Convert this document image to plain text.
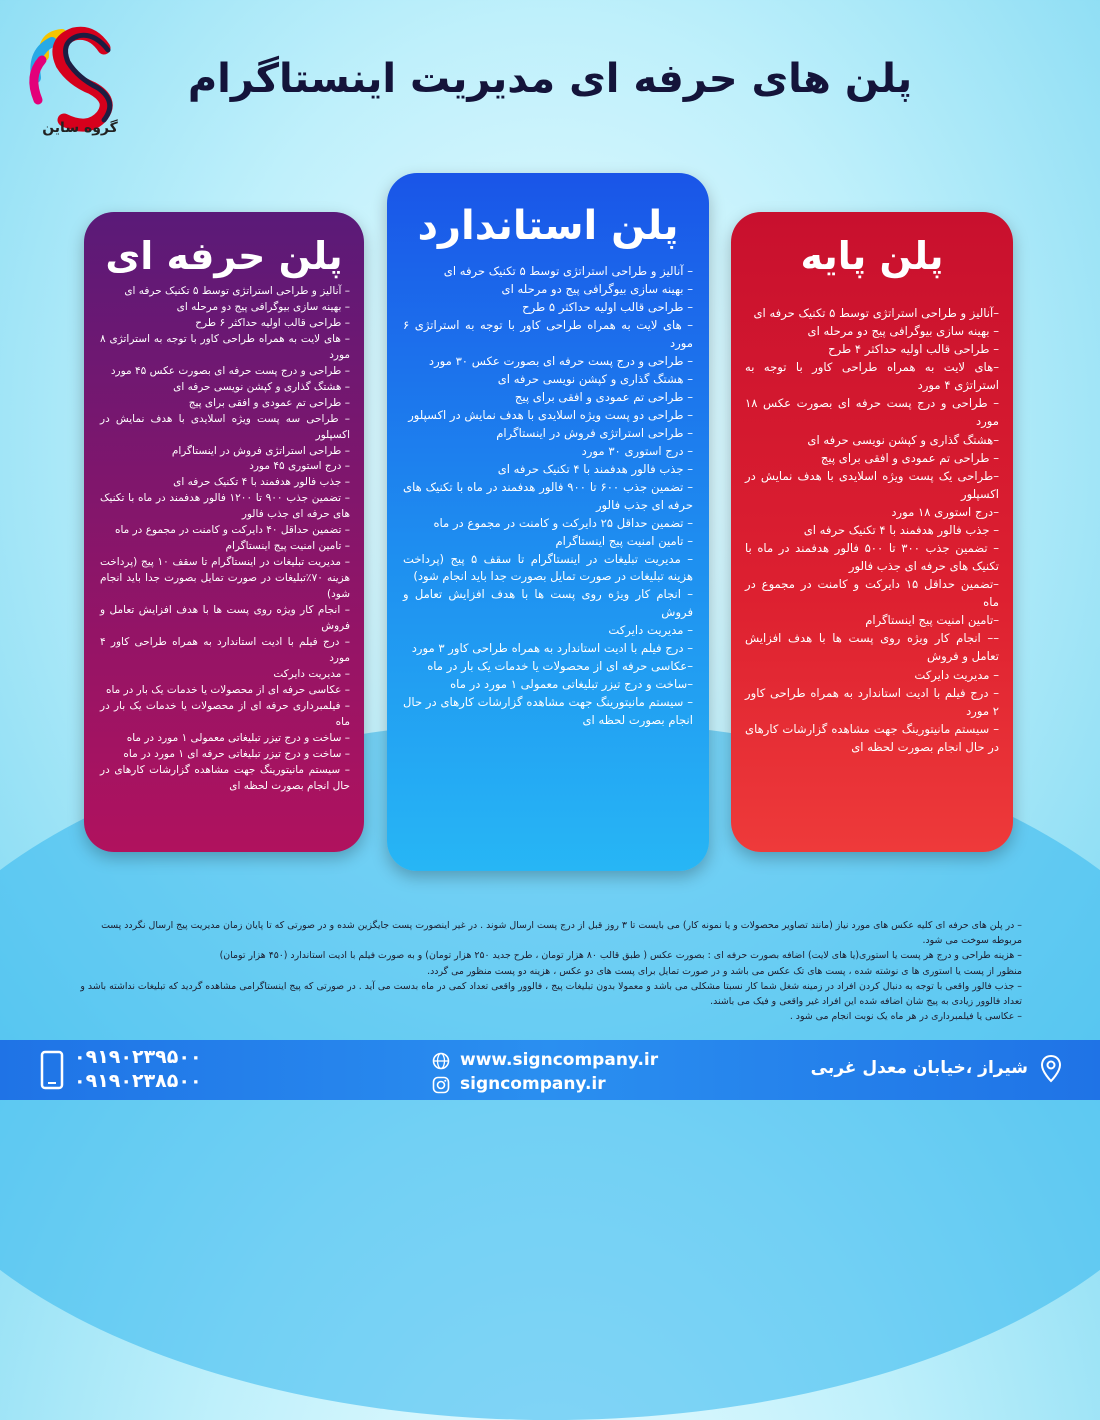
گروه ساین
پلن های حرفه ای مدیریت اینستاگرام
پلن حرفه ای
– آنالیز و طراحی استراتژی توسط ۵ تکنیک حرفه ای
– بهینه سازی بیوگرافی پیج دو مرحله ای
– طراحی قالب اولیه حداکثر ۶ طرح
– های لایت به همراه طراحی کاور با توجه به استراتژی ۸ مورد
– طراحی و درج پست حرفه ای بصورت عکس ۴۵ مورد
– هشتگ گذاری و کپشن نویسی حرفه ای
– طراحی تم عمودی و افقی برای پیج
– طراحی سه پست ویژه اسلایدی با هدف نمایش در اکسپلور
– طراحی استراتژی فروش در اینستاگرام
– درج استوری ۴۵ مورد
– جذب فالور هدفمند با ۴ تکنیک حرفه ای
– تضمین جذب ۹۰۰ تا ۱۲۰۰ فالور هدفمند در ماه با تکنیک های حرفه ای جذب فالور
– تضمین حداقل ۴۰ دایرکت و کامنت در مجموع در ماه
– تامین امنیت پیج اینستاگرام
– مدیریت تبلیغات در اینستاگرام تا سقف ۱۰ پیج (پرداخت هزینه ۷۰٪تبلیغات در صورت تمایل بصورت جدا باید انجام شود)
– انجام کار ویژه روی پست ها با هدف افزایش تعامل و فروش
– درج فیلم با ادیت استاندارد به همراه طراحی کاور ۴ مورد
– مدیریت دایرکت
– عکاسی حرفه ای از محصولات یا خدمات یک بار در ماه
– فیلمبرداری حرفه ای از محصولات یا خدمات یک بار در ماه
– ساخت و درج تیزر تبلیغاتی معمولی ۱ مورد در ماه
– ساخت و درج تیزر تبلیغاتی حرفه ای ۱ مورد در ماه
– سیستم مانیتورینگ جهت مشاهده گزارشات کارهای در حال انجام بصورت لحظه ای
پلن استاندارد
– آنالیز و طراحی استراتژی توسط ۵ تکنیک حرفه ای
– بهینه سازی بیوگرافی پیج دو مرحله ای
– طراحی قالب اولیه حداکثر ۵ طرح
– های لایت به همراه طراحی کاور با توجه به استراتژی ۶ مورد
– طراحی و درج پست حرفه ای بصورت عکس ۳۰ مورد
– هشتگ گذاری و کپشن نویسی حرفه ای
– طراحی تم عمودی و افقی برای پیج
– طراحی دو پست ویژه اسلایدی با هدف نمایش در اکسپلور
– طراحی استراتژی فروش در اینستاگرام
– درج استوری ۳۰ مورد
– جذب فالور هدفمند با ۴ تکنیک حرفه ای
– تضمین جذب ۶۰۰ تا ۹۰۰ فالور هدفمند در ماه با تکنیک های حرفه ای جذب فالور
– تضمین حداقل ۲۵ دایرکت و کامنت در مجموع در ماه
– تامین امنیت پیج اینستاگرام
– مدیریت تبلیغات در اینستاگرام تا سقف ۵ پیج (پرداخت هزینه تبلیغات در صورت تمایل بصورت جدا باید انجام شود)
– انجام کار ویژه روی پست ها با هدف افزایش تعامل و فروش
– مدیریت دایرکت
– درج فیلم با ادیت استاندارد به همراه طراحی کاور ۳ مورد
–عکاسی حرفه ای از محصولات یا خدمات یک بار در ماه
–ساخت و درج تیزر تبلیغاتی معمولی ۱ مورد در ماه
– سیستم مانیتورینگ جهت مشاهده گزارشات کارهای در حال انجام بصورت لحظه ای
پلن پایه
–آنالیز و طراحی استراتژی توسط ۵ تکنیک حرفه ای
– بهینه سازی بیوگرافی پیج دو مرحله ای
– طراحی قالب اولیه حداکثر ۴ طرح
–های لایت به همراه طراحی کاور با توجه به استراتژی ۴ مورد
– طراحی و درج پست حرفه ای بصورت عکس ۱۸ مورد
–هشتگ گذاری و کپشن نویسی حرفه ای
– طراحی تم عمودی و افقی برای پیج
–طراحی یک پست ویژه اسلایدی با هدف نمایش در اکسپلور
–درج استوری ۱۸ مورد
– جذب فالور هدفمند با ۴ تکنیک حرفه ای
– تضمین جذب ۳۰۰ تا ۵۰۰ فالور هدفمند در ماه با تکنیک های حرفه ای جذب فالور
–تضمین حداقل ۱۵ دایرکت و کامنت در مجموع در ماه
–تامین امنیت پیج اینستاگرام
–– انجام کار ویژه روی پست ها با هدف افزایش تعامل و فروش
– مدیریت دایرکت
– درج فیلم با ادیت استاندارد به همراه طراحی کاور ۲ مورد
– سیستم مانیتورینگ جهت مشاهده گزارشات کارهای در حال انجام بصورت لحظه ای

– در پلن های حرفه ای کلیه عکس های مورد نیاز (مانند تصاویر محصولات و یا نمونه کار) می بایست تا ۳ روز قبل از درج پست ارسال شوند . در غیر اینصورت پست جایگزین شده و در صورتی که تا پایان زمان مدیریت پیج ارسال نگردد پست مربوطه سوخت می شود.

– هزینه طراحی و درج هر پست یا استوری(یا های لایت) اضافه بصورت حرفه ای : بصورت عکس ( طبق قالب ۸۰ هزار تومان ، طرح جدید ۲۵۰ هزار تومان) و به صورت فیلم با ادیت استاندارد (۴۵۰ هزار تومان)

منظور از پست یا استوری ها ی نوشته شده ، پست های تک عکس می باشد و در صورت تمایل برای پست های دو عکس ، هزینه دو پست منظور می گردد.

– جذب فالور واقعی با توجه به دنبال کردن افراد در زمینه شغل شما کار نسبتا مشکلی می باشد و معمولا بدون تبلیغات پیج ، فالوور واقعی تعداد کمی در ماه بدست می آید . در صورتی که پیج اینستاگرامی مشاهده گردید که تبلیغات نداشته باشد و تعداد فالوور زیادی به پیج شان اضافه شده این افراد غیر واقعی و فیک می باشند.

– عکاسی یا فیلمبرداری در هر ماه یک نوبت انجام می شود .

۰۹۱۹۰۲۳۹۵۰۰
۰۹۱۹۰۲۳۸۵۰۰
www.signcompany.ir
signcompany.ir
شیراز ،خیابان معدل غربی
